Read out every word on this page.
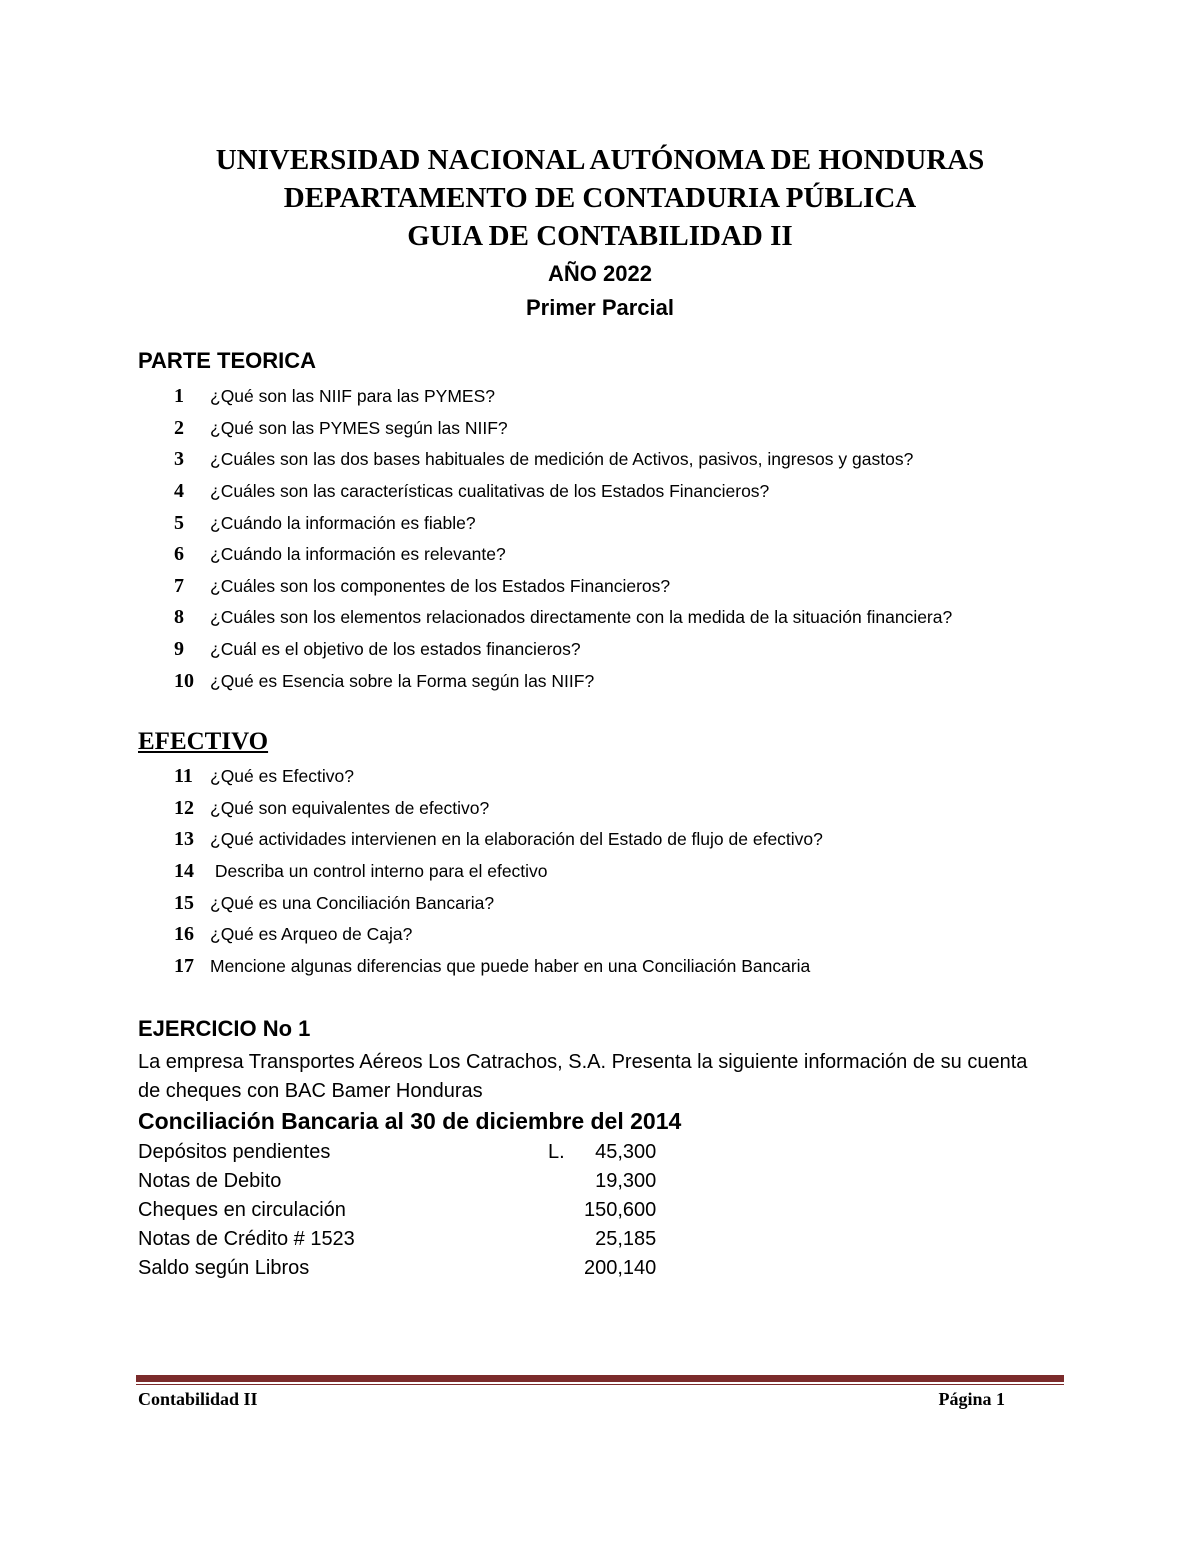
UNIVERSIDAD NACIONAL AUTÓNOMA DE HONDURAS

DEPARTAMENTO DE CONTADURIA PÚBLICA

GUIA DE CONTABILIDAD II

AÑO 2022

Primer Parcial

PARTE TEORICA
1	¿Qué son las NIIF para las PYMES?
2	¿Qué son las PYMES según las NIIF?
3	¿Cuáles son las dos bases habituales de medición de Activos, pasivos, ingresos y gastos?
4	¿Cuáles son las características cualitativas de los Estados Financieros?
5	¿Cuándo la información es fiable?
6	¿Cuándo la información es relevante?
7	¿Cuáles son los componentes de los Estados Financieros?
8	¿Cuáles son los elementos relacionados directamente con la medida de la situación financiera?
9	¿Cuál es el objetivo de los estados financieros?
10 ¿Qué es Esencia sobre la Forma según las NIIF?
EFECTIVO
11 ¿Qué es Efectivo?
12 ¿Qué son equivalentes de efectivo?
13 ¿Qué actividades intervienen en la elaboración del Estado de flujo de efectivo?
14 Describa un control interno para el efectivo
15 ¿Qué es una Conciliación Bancaria?
16 ¿Qué es Arqueo de Caja?
17 Mencione algunas diferencias que puede haber en una Conciliación Bancaria
EJERCICIO No 1
La empresa Transportes Aéreos Los Catrachos, S.A. Presenta la siguiente información de su cuenta de cheques con BAC Bamer Honduras
Conciliación Bancaria al 30 de diciembre del 2014
Depósitos pendientes	L.	45,300
Notas de Debito		19,300
Cheques en circulación		150,600
Notas de Crédito # 1523		25,185
Saldo según Libros		200,140
Contabilidad II	Página 1
